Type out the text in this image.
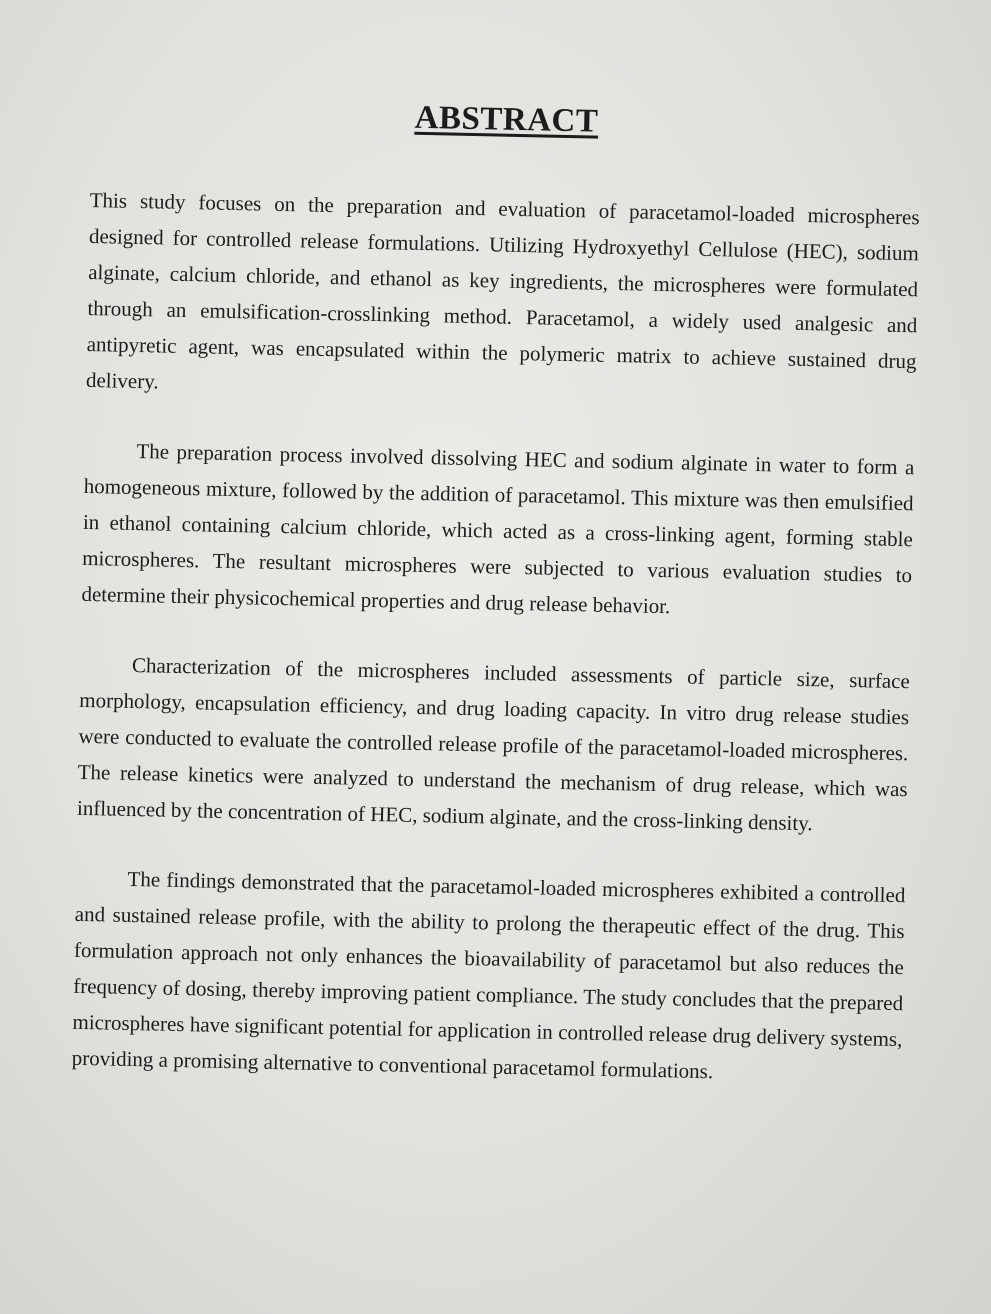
ABSTRACT

This study focuses on the preparation and evaluation of paracetamol-loaded microspheres designed for controlled release formulations. Utilizing Hydroxyethyl Cellulose (HEC), sodium alginate, calcium chloride, and ethanol as key ingredients, the microspheres were formulated through an emulsification-crosslinking method. Paracetamol, a widely used analgesic and antipyretic agent, was encapsulated within the polymeric matrix to achieve sustained drug delivery.

The preparation process involved dissolving HEC and sodium alginate in water to form a homogeneous mixture, followed by the addition of paracetamol. This mixture was then emulsified in ethanol containing calcium chloride, which acted as a cross-linking agent, forming stable microspheres. The resultant microspheres were subjected to various evaluation studies to determine their physicochemical properties and drug release behavior.

Characterization of the microspheres included assessments of particle size, surface morphology, encapsulation efficiency, and drug loading capacity. In vitro drug release studies were conducted to evaluate the controlled release profile of the paracetamol-loaded microspheres. The release kinetics were analyzed to understand the mechanism of drug release, which was influenced by the concentration of HEC, sodium alginate, and the cross-linking density.

The findings demonstrated that the paracetamol-loaded microspheres exhibited a controlled and sustained release profile, with the ability to prolong the therapeutic effect of the drug. This formulation approach not only enhances the bioavailability of paracetamol but also reduces the frequency of dosing, thereby improving patient compliance. The study concludes that the prepared microspheres have significant potential for application in controlled release drug delivery systems, providing a promising alternative to conventional paracetamol formulations.
